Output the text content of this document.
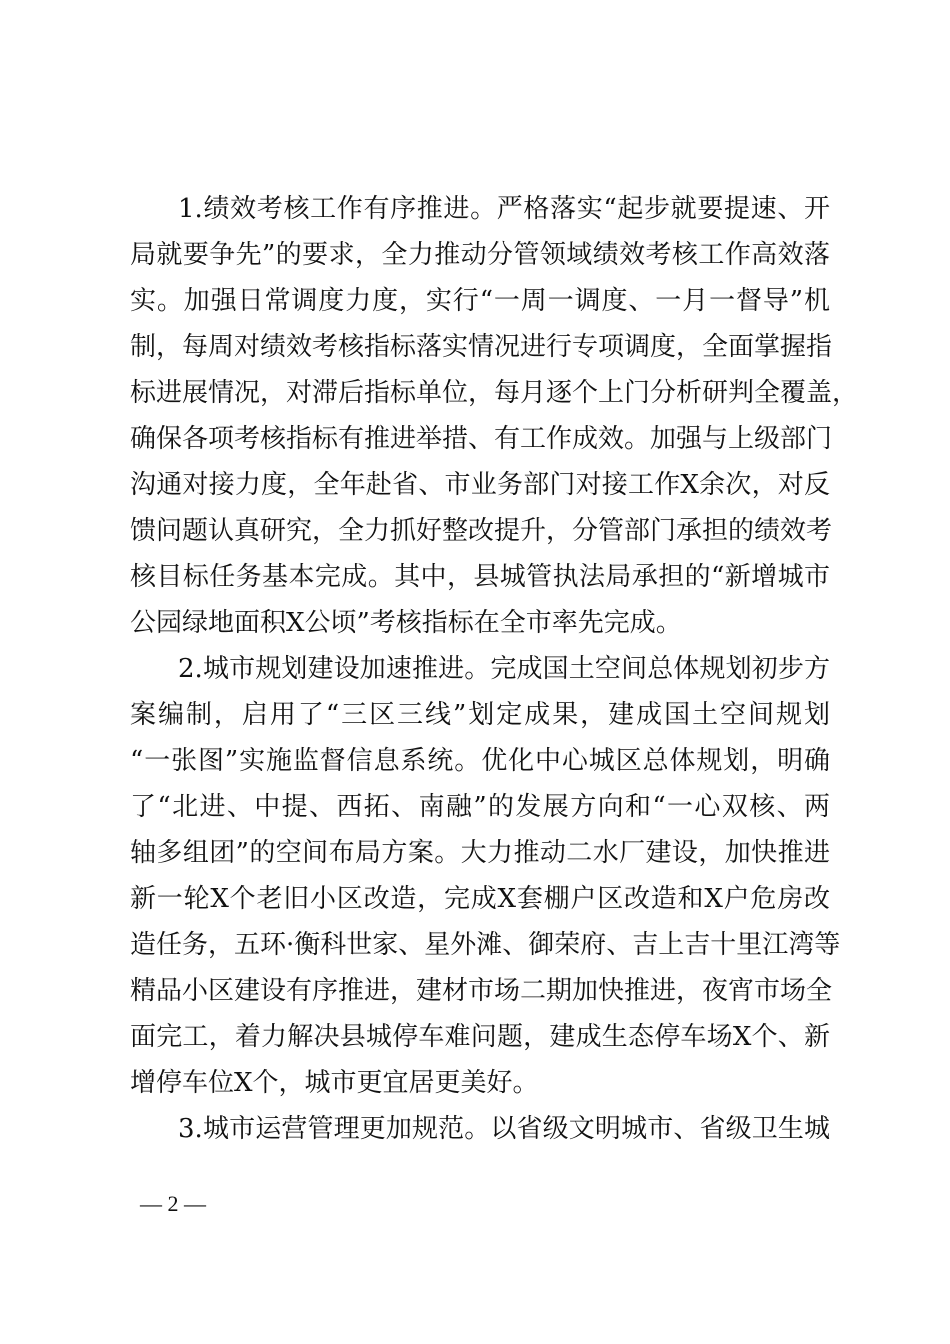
1.绩效考核工作有序推进。严格落实“起步就要提速、开
局就要争先”的要求，全力推动分管领域绩效考核工作高效落
实。加强日常调度力度，实行“一周一调度、一月一督导”机
制，每周对绩效考核指标落实情况进行专项调度，全面掌握指
标进展情况，对滞后指标单位，每月逐个上门分析研判全覆盖，
确保各项考核指标有推进举措、有工作成效。加强与上级部门
沟通对接力度，全年赴省、市业务部门对接工作X余次，对反
馈问题认真研究，全力抓好整改提升，分管部门承担的绩效考
核目标任务基本完成。其中，县城管执法局承担的“新增城市
公园绿地面积X公顷”考核指标在全市率先完成。
2.城市规划建设加速推进。完成国土空间总体规划初步方
案编制，启用了“三区三线”划定成果，建成国土空间规划
“一张图”实施监督信息系统。优化中心城区总体规划，明确
了“北进、中提、西拓、南融”的发展方向和“一心双核、两
轴多组团”的空间布局方案。大力推动二水厂建设，加快推进
新一轮X个老旧小区改造，完成X套棚户区改造和X户危房改
造任务，五环·衡科世家、星外滩、御荣府、吉上吉十里江湾等
精品小区建设有序推进，建材市场二期加快推进，夜宵市场全
面完工，着力解决县城停车难问题，建成生态停车场X个、新
增停车位X个，城市更宜居更美好。
3.城市运营管理更加规范。以省级文明城市、省级卫生城
— 2 —
